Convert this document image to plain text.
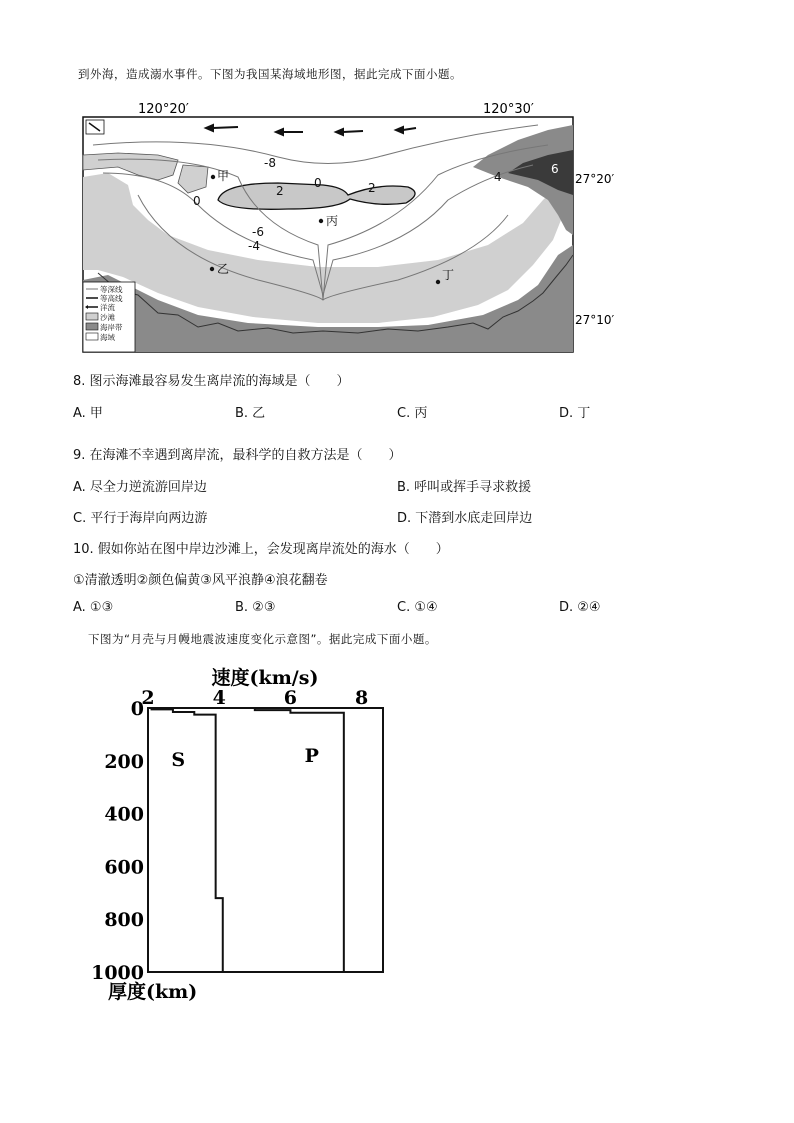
到外海，造成溺水事件。下图为我国某海域地形图，据此完成下面小题。
120°20′	120°30′
-8
2
0	2
0
-6
-4
4
6
甲
丙
乙	丁
27°20′
27°10′
等深线
等高线
洋流
沙滩
海岸带
海域
8. 图示海滩最容易发生离岸流的海域是（　　）
A. 甲	B. 乙	C. 丙	D. 丁
9. 在海滩不幸遇到离岸流，最科学的自救方法是（　　）
A. 尽全力逆流游回岸边	B. 呼叫或挥手寻求救援
C. 平行于海岸向两边游	D. 下潜到水底走回岸边
10. 假如你站在图中岸边沙滩上，会发现离岸流处的海水（　　）
①清澈透明②颜色偏黄③风平浪静④浪花翻卷
A. ①③	B. ②③	C. ①④	D. ②④
下图为“月壳与月幔地震波速度变化示意图”。据此完成下面小题。
速度(km/s)
2	4	6	8
0
200
400
600
800
1000
S	P
厚度(km)
